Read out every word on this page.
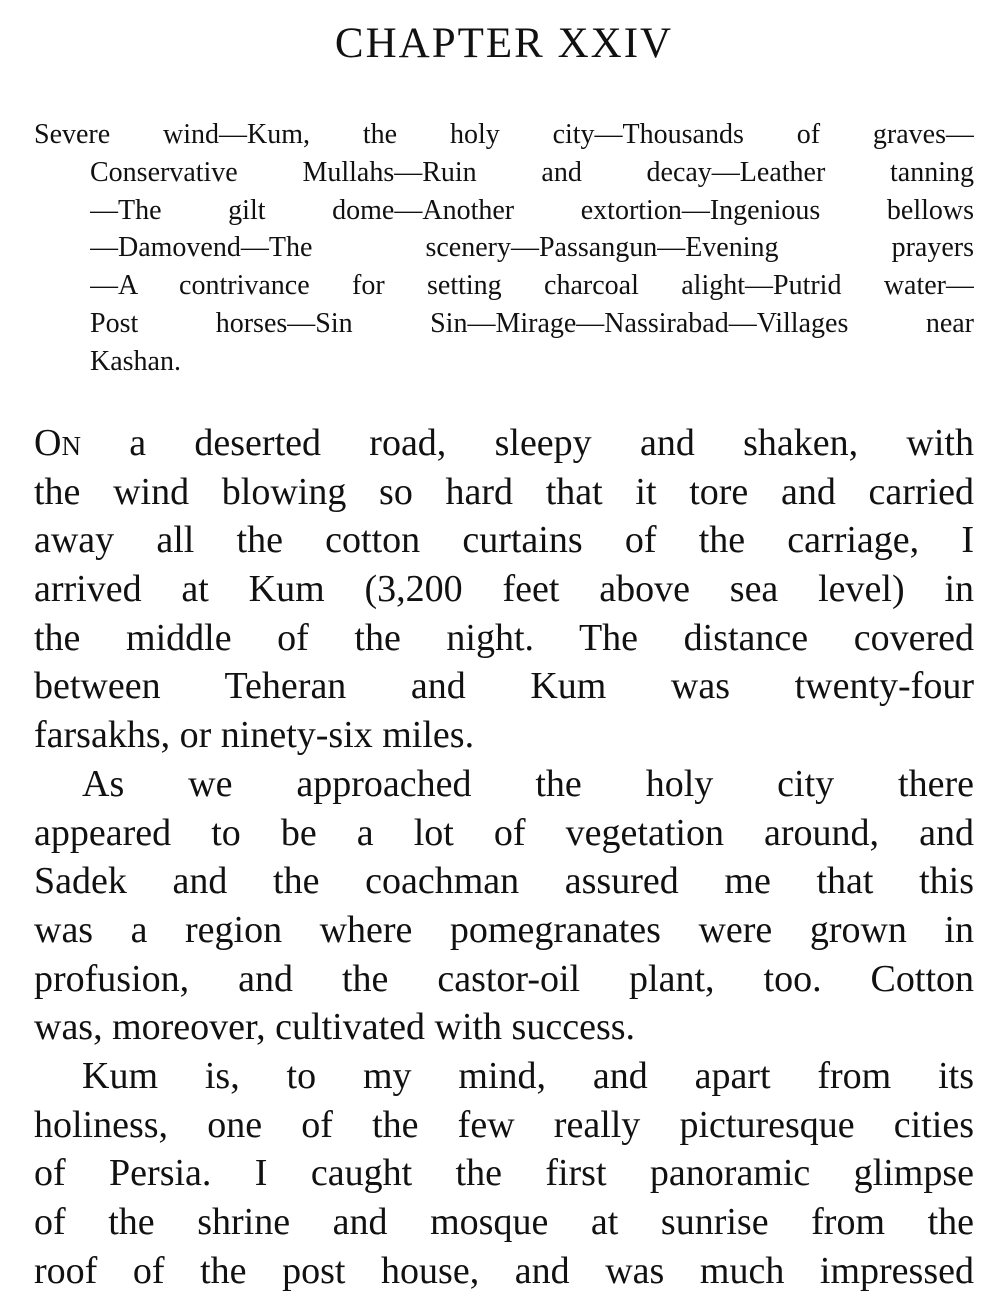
CHAPTER XXIV
Severe wind—Kum, the holy city—Thousands of graves—
Conservative Mullahs—Ruin and decay—Leather tanning
—The gilt dome—Another extortion—Ingenious bellows
—Damovend—The scenery—Passangun—Evening prayers
—A contrivance for setting charcoal alight—Putrid water—
Post horses—Sin Sin—Mirage—Nassirabad—Villages near
Kashan.
On a deserted road, sleepy and shaken, with
the wind blowing so hard that it tore and carried
away all the cotton curtains of the carriage, I
arrived at Kum (3,200 feet above sea level) in
the middle of the night. The distance covered
between Teheran and Kum was twenty-four
farsakhs, or ninety-six miles.
As we approached the holy city there
appeared to be a lot of vegetation around, and
Sadek and the coachman assured me that this
was a region where pomegranates were grown in
profusion, and the castor-oil plant, too. Cotton
was, moreover, cultivated with success.
Kum is, to my mind, and apart from its
holiness, one of the few really picturesque cities
of Persia. I caught the first panoramic glimpse
of the shrine and mosque at sunrise from the
roof of the post house, and was much impressed
